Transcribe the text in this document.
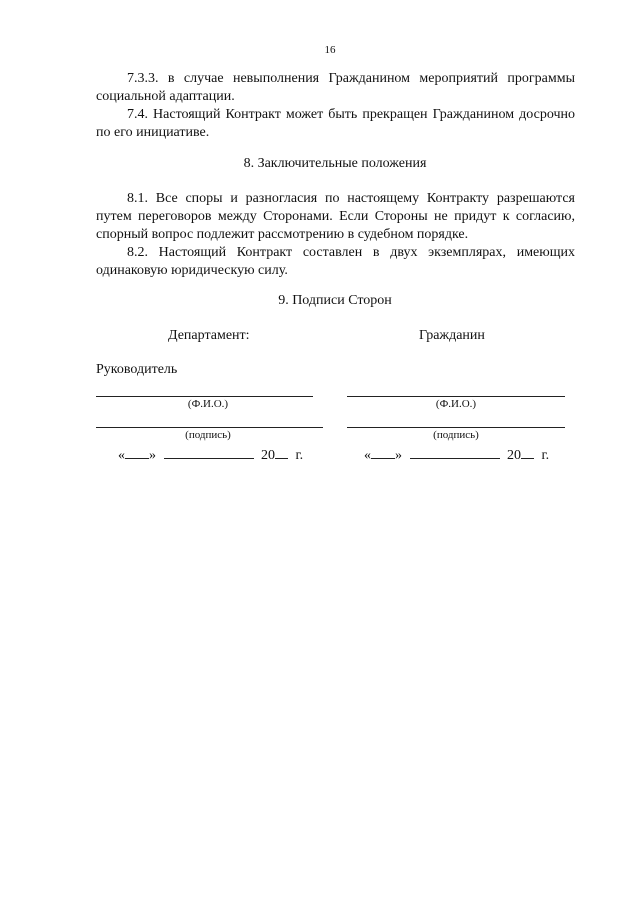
16

7.3.3. в случае невыполнения Гражданином мероприятий программы социальной адаптации.

7.4. Настоящий Контракт может быть прекращен Гражданином досрочно по его инициативе.

8. Заключительные положения

8.1. Все споры и разногласия по настоящему Контракту разрешаются путем переговоров между Сторонами. Если Стороны не придут к согласию, спорный вопрос подлежит рассмотрению в судебном порядке.

8.2. Настоящий Контракт составлен в двух экземплярах, имеющих одинаковую юридическую силу.

9. Подписи Сторон
Департамент:
Руководитель
(Ф.И.О.)
(подпись)
« »	20 г.
Гражданин
(Ф.И.О.)
(подпись)
« »	20 г.
